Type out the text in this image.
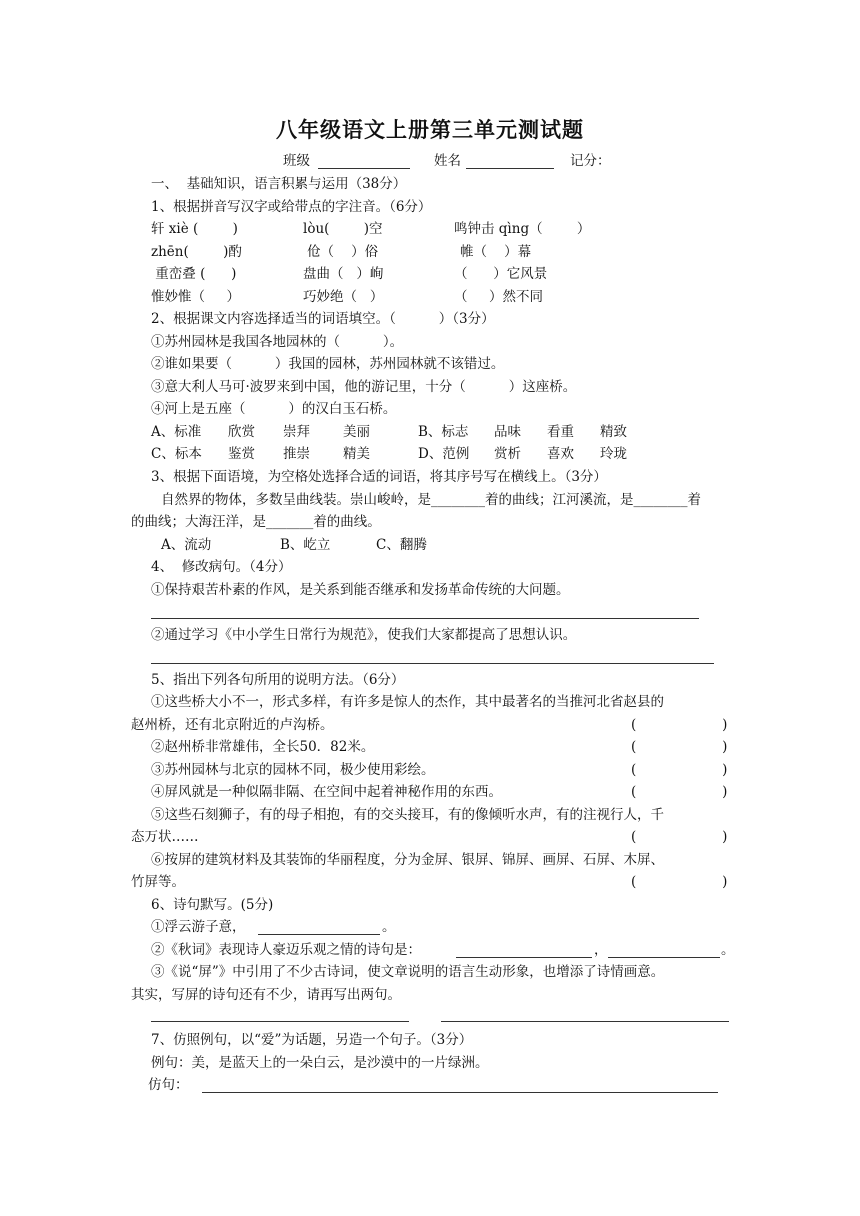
八年级语文上册第三单元测试题
班级	姓名	记分：
一、  基础知识，语言积累与运用（38分）
1、根据拼音写汉字或给带点的字注音。（6分）
轩 xiè (        )	lòu(        )空	鸣钟击 qìng（        ）
zhēn(        )酌	伧（    ）俗	帷（    ）幕
重峦叠 (      )	盘曲（   ）峋	（      ）它风景
惟妙惟（     ）	巧妙绝（   ）	（     ）然不同
2、根据课文内容选择适当的词语填空。（          ）（3分）
①苏州园林是我国各地园林的（          ）。
②谁如果要（          ）我国的园林，苏州园林就不该错过。
③意大利人马可·波罗来到中国，他的游记里，十分（          ）这座桥。
④河上是五座（          ）的汉白玉石桥。
A、标准 欣赏 崇拜 美丽	B、标志 品味 看重 精致
C、标本 鉴赏 推崇 精美	D、范例 赏析 喜欢 玲珑
3、根据下面语境，为空格处选择合适的词语，将其序号写在横线上。（3分）
自然界的物体，多数呈曲线装。崇山峻岭，是________着的曲线；江河溪流，是________着
的曲线；大海汪洋，是_______着的曲线。
A、流动	B、屹立	C、翻腾
4、  修改病句。（4分）
①保持艰苦朴素的作风，是关系到能否继承和发扬革命传统的大问题。
②通过学习《中小学生日常行为规范》，使我们大家都提高了思想认识。
5、指出下列各句所用的说明方法。（6分）
①这些桥大小不一，形式多样，有许多是惊人的杰作，其中最著名的当推河北省赵县的
赵州桥，还有北京附近的卢沟桥。	(                    )
②赵州桥非常雄伟，全长50．82米。	(                    )
③苏州园林与北京的园林不同，极少使用彩绘。	(                    )
④屏风就是一种似隔非隔、在空间中起着神秘作用的东西。	(                    )
⑤这些石刻狮子，有的母子相抱，有的交头接耳，有的像倾听水声，有的注视行人，千
态万状……	(                    )
⑥按屏的建筑材料及其装饰的华丽程度，分为金屏、银屏、锦屏、画屏、石屏、木屏、
竹屏等。	(                    )
6、诗句默写。(5分)
①浮云游子意，	。
②《秋词》表现诗人豪迈乐观之情的诗句是：	，	。
③《说“屏”》中引用了不少古诗词，使文章说明的语言生动形象，也增添了诗情画意。
其实，写屏的诗句还有不少，请再写出两句。
7、仿照例句，以“爱”为话题，另造一个句子。（3分）
例句：美，是蓝天上的一朵白云，是沙漠中的一片绿洲。
仿句：
